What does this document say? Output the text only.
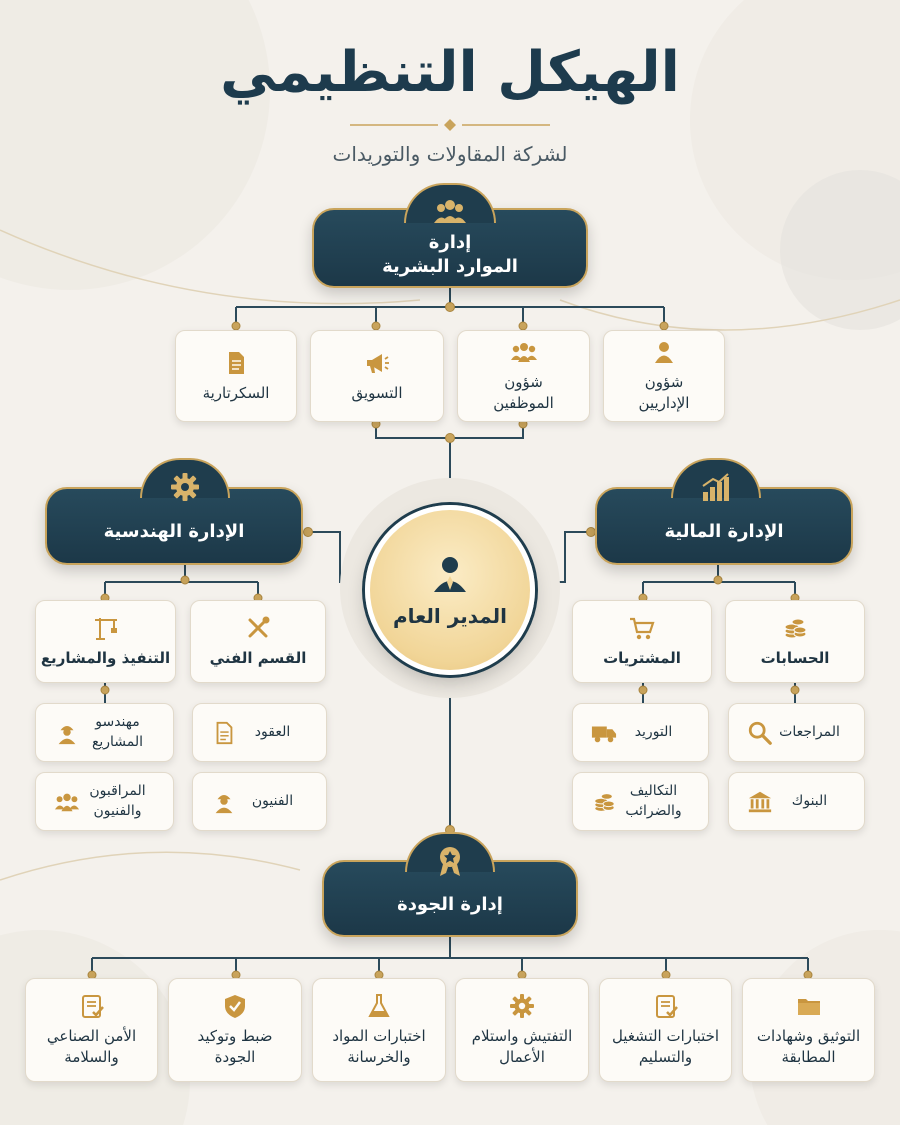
الهيكل التنظيمي
لشركة المقاولات والتوريدات
إدارة
الموارد البشرية
السكرتارية	التسويق
شؤون
الموظفين
شؤون
الإداريين
المدير العام
الإدارة الهندسية	الإدارة المالية
التنفيذ والمشاريع	القسم الفني
مهندسو
المشاريع
المراقبون
والفنيون
العقود
الفنيون
المشتريات	الحسابات
التوريد
التكاليف
والضرائب
المراجعات
البنوك
إدارة الجودة
الأمن الصناعي
والسلامة
ضبط وتوكيد
الجودة
اختبارات المواد
والخرسانة
التفتيش واستلام
الأعمال
اختبارات التشغيل
والتسليم
التوثيق وشهادات
المطابقة
